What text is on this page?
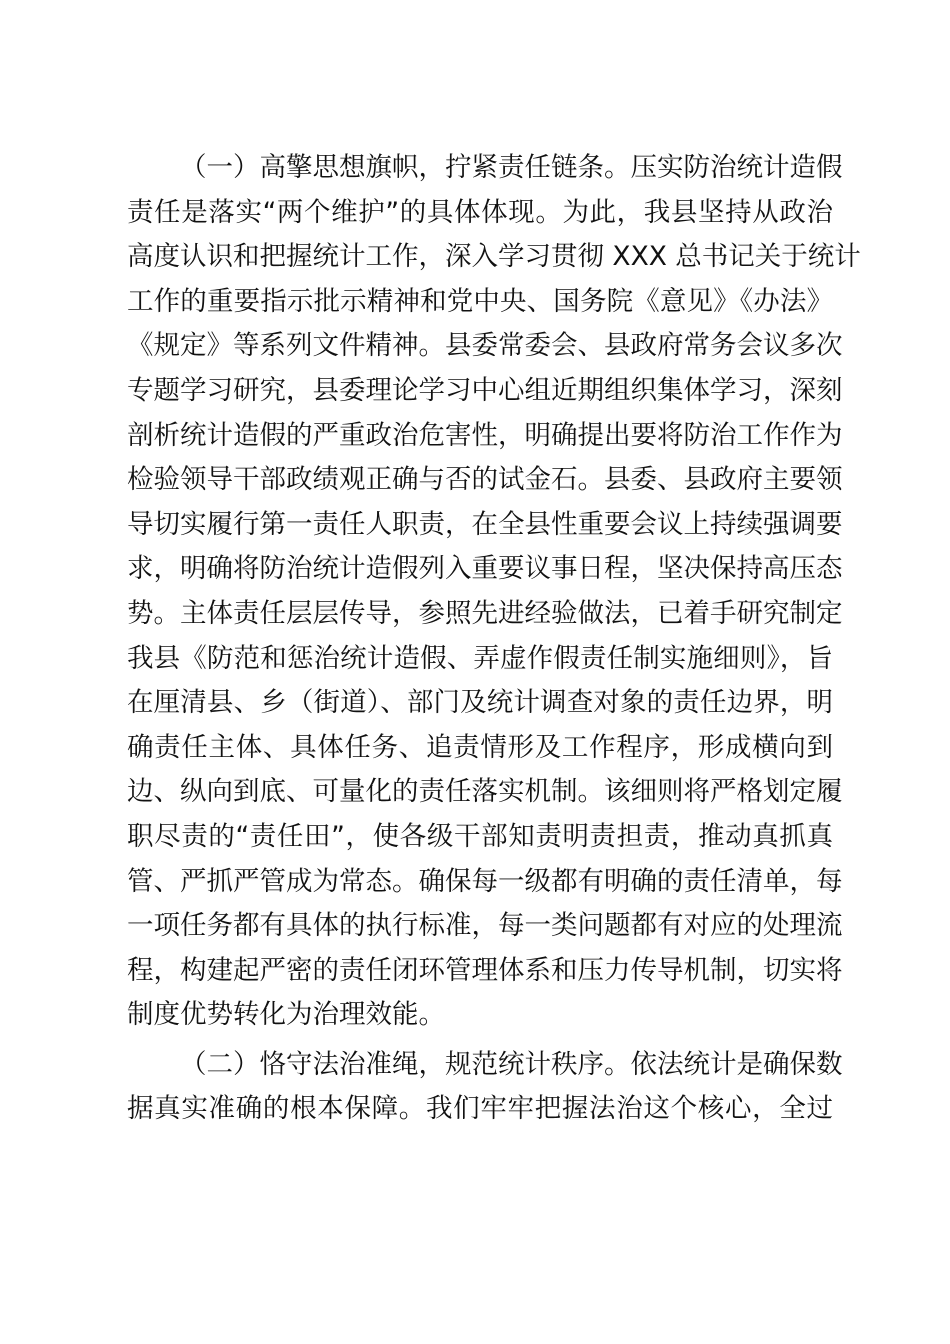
（一）高擎思想旗帜，拧紧责任链条。压实防治统计造假
责任是落实“两个维护”的具体体现。为此，我县坚持从政治
高度认识和把握统计工作，深入学习贯彻 XXX 总书记关于统计
工作的重要指示批示精神和党中央、国务院《意见》《办法》
《规定》等系列文件精神。县委常委会、县政府常务会议多次
专题学习研究，县委理论学习中心组近期组织集体学习，深刻
剖析统计造假的严重政治危害性，明确提出要将防治工作作为
检验领导干部政绩观正确与否的试金石。县委、县政府主要领
导切实履行第一责任人职责，在全县性重要会议上持续强调要
求，明确将防治统计造假列入重要议事日程，坚决保持高压态
势。主体责任层层传导，参照先进经验做法，已着手研究制定
我县《防范和惩治统计造假、弄虚作假责任制实施细则》，旨
在厘清县、乡（街道）、部门及统计调查对象的责任边界，明
确责任主体、具体任务、追责情形及工作程序，形成横向到
边、纵向到底、可量化的责任落实机制。该细则将严格划定履
职尽责的“责任田”，使各级干部知责明责担责，推动真抓真
管、严抓严管成为常态。确保每一级都有明确的责任清单，每
一项任务都有具体的执行标准，每一类问题都有对应的处理流
程，构建起严密的责任闭环管理体系和压力传导机制，切实将
制度优势转化为治理效能。
（二）恪守法治准绳，规范统计秩序。依法统计是确保数
据真实准确的根本保障。我们牢牢把握法治这个核心，全过
